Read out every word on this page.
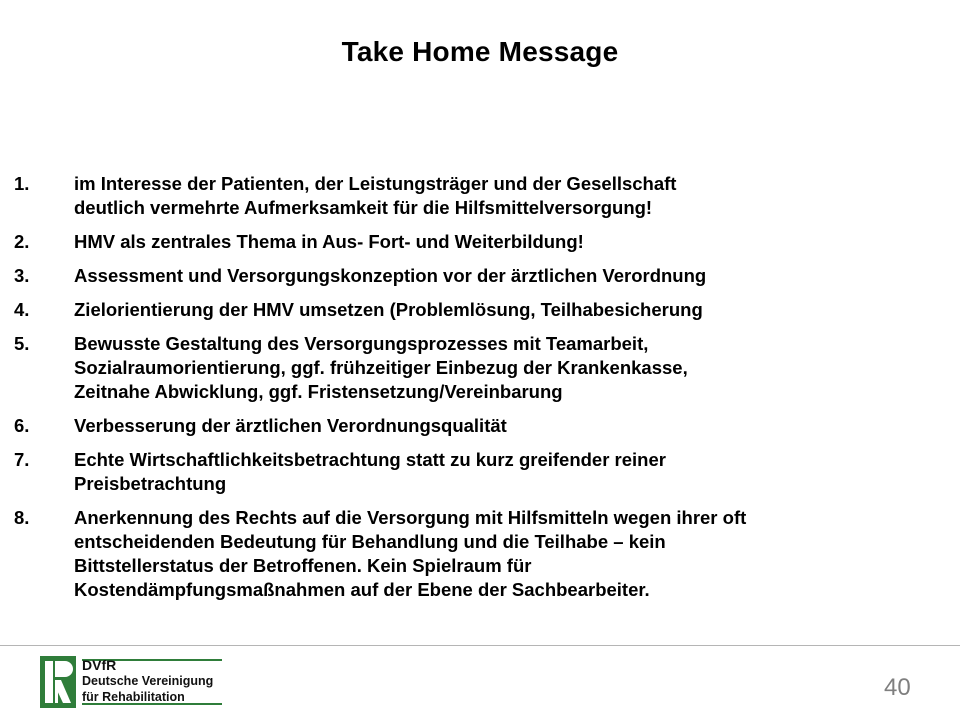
Take Home Message
1.	im Interesse der Patienten, der Leistungsträger und der Gesellschaft
deutlich vermehrte Aufmerksamkeit für die Hilfsmittelversorgung!
2.	HMV als zentrales Thema in Aus- Fort- und Weiterbildung!
3.	Assessment und Versorgungskonzeption vor der ärztlichen Verordnung
4.	Zielorientierung der HMV umsetzen (Problemlösung, Teilhabesicherung
5.	Bewusste Gestaltung des Versorgungsprozesses mit Teamarbeit,
Sozialraumorientierung, ggf. frühzeitiger Einbezug der Krankenkasse,
Zeitnahe Abwicklung, ggf. Fristensetzung/Vereinbarung
6.	Verbesserung der ärztlichen Verordnungsqualität
7.	Echte Wirtschaftlichkeitsbetrachtung statt zu kurz greifender reiner
Preisbetrachtung
8.	Anerkennung des Rechts auf die Versorgung mit Hilfsmitteln wegen ihrer oft
entscheidenden Bedeutung für Behandlung und die Teilhabe – kein
Bittstellerstatus der Betroffenen. Kein Spielraum für
Kostendämpfungsmaßnahmen auf der Ebene der Sachbearbeiter.
DVfR
Deutsche Vereinigung
für Rehabilitation	40
